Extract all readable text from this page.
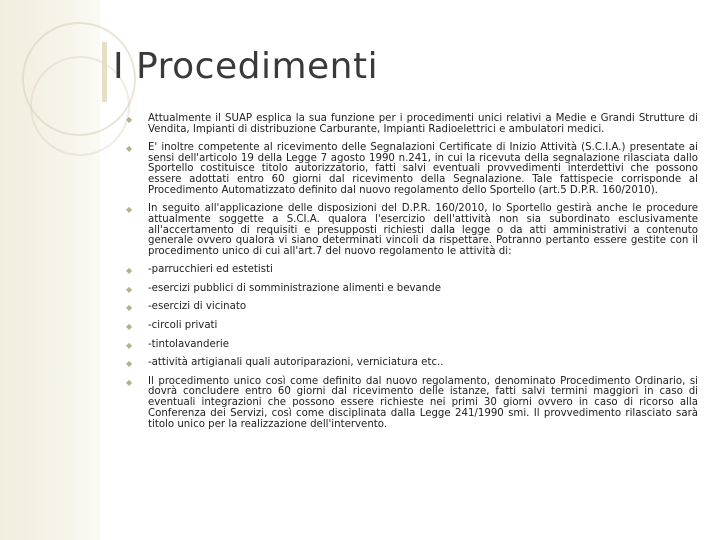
I Procedimenti
◆ Attualmente il SUAP esplica la sua funzione per i procedimenti unici relativi a Medie e Grandi Strutture di Vendita, Impianti di distribuzione Carburante, Impianti Radioelettrici e ambulatori medici.
◆ E' inoltre competente al ricevimento delle Segnalazioni Certificate di Inizio Attività (S.C.I.A.) presentate ai sensi dell'articolo 19 della Legge 7 agosto 1990 n.241, in cui la ricevuta della segnalazione rilasciata dallo Sportello costituisce titolo autorizzatorio, fatti salvi eventuali provvedimenti interdettivi che possono essere adottati entro 60 giorni dal ricevimento della Segnalazione. Tale fattispecie corrisponde al Procedimento Automatizzato definito dal nuovo regolamento dello Sportello (art.5 D.P.R. 160/2010).
◆ In seguito all'applicazione delle disposizioni del D.P.R. 160/2010, lo Sportello gestirà anche le procedure attualmente soggette a S.CI.A. qualora l'esercizio dell'attività non sia subordinato esclusivamente all'accertamento di requisiti e presupposti richiesti dalla legge o da atti amministrativi a contenuto generale ovvero qualora vi siano determinati vincoli da rispettare. Potranno pertanto essere gestite con il procedimento unico di cui all'art.7 del nuovo regolamento le attività di:
◆ -parrucchieri ed estetisti
◆ -esercizi pubblici di somministrazione alimenti e bevande
◆ -esercizi di vicinato
◆ -circoli privati
◆ -tintolavanderie
◆ -attività artigianali quali autoriparazioni, verniciatura etc..
◆ Il procedimento unico così come definito dal nuovo regolamento, denominato Procedimento Ordinario, si dovrà concludere entro 60 giorni dal ricevimento delle istanze, fatti salvi termini maggiori in caso di eventuali integrazioni che possono essere richieste nei primi 30 giorni ovvero in caso di ricorso alla Conferenza dei Servizi, così come disciplinata dalla Legge 241/1990 smi. Il provvedimento rilasciato sarà titolo unico per la realizzazione dell'intervento.
